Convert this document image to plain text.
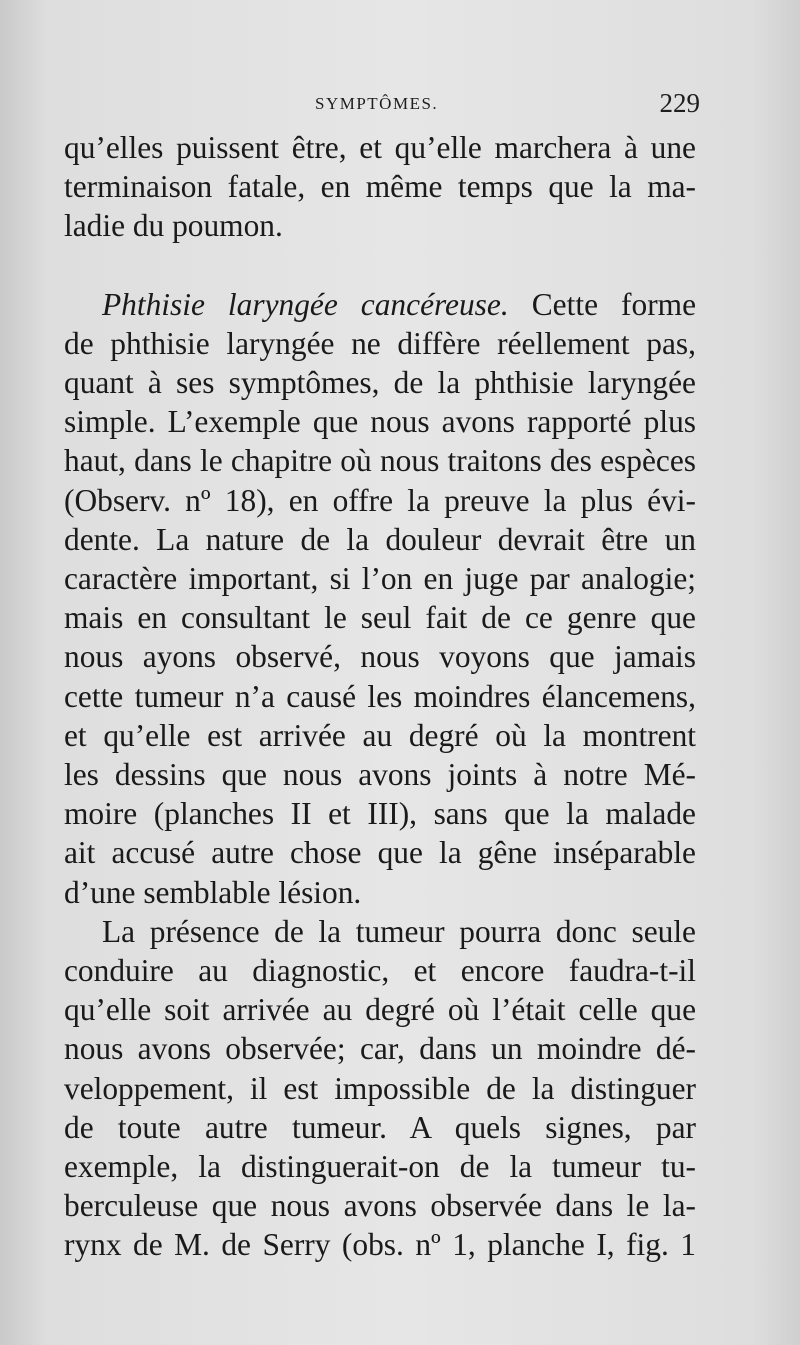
SYMPTÔMES.	229

qu’elles puissent être, et qu’elle marchera à une
terminaison fatale, en même temps que la ma-
ladie du poumon.

Phthisie laryngée cancéreuse. Cette forme
de phthisie laryngée ne diffère réellement pas,
quant à ses symptômes, de la phthisie laryngée
simple. L’exemple que nous avons rapporté plus
haut, dans le chapitre où nous traitons des espèces
(Observ. nº 18), en offre la preuve la plus évi-
dente. La nature de la douleur devrait être un
caractère important, si l’on en juge par analogie;
mais en consultant le seul fait de ce genre que
nous ayons observé, nous voyons que jamais
cette tumeur n’a causé les moindres élancemens,
et qu’elle est arrivée au degré où la montrent
les dessins que nous avons joints à notre Mé-
moire (planches II et III), sans que la malade
ait accusé autre chose que la gêne inséparable
d’une semblable lésion.

La présence de la tumeur pourra donc seule
conduire au diagnostic, et encore faudra-t-il
qu’elle soit arrivée au degré où l’était celle que
nous avons observée; car, dans un moindre dé-
veloppement, il est impossible de la distinguer
de toute autre tumeur. A quels signes, par
exemple, la distinguerait-on de la tumeur tu-
berculeuse que nous avons observée dans le la-
rynx de M. de Serry (obs. nº 1, planche I, fig. 1
